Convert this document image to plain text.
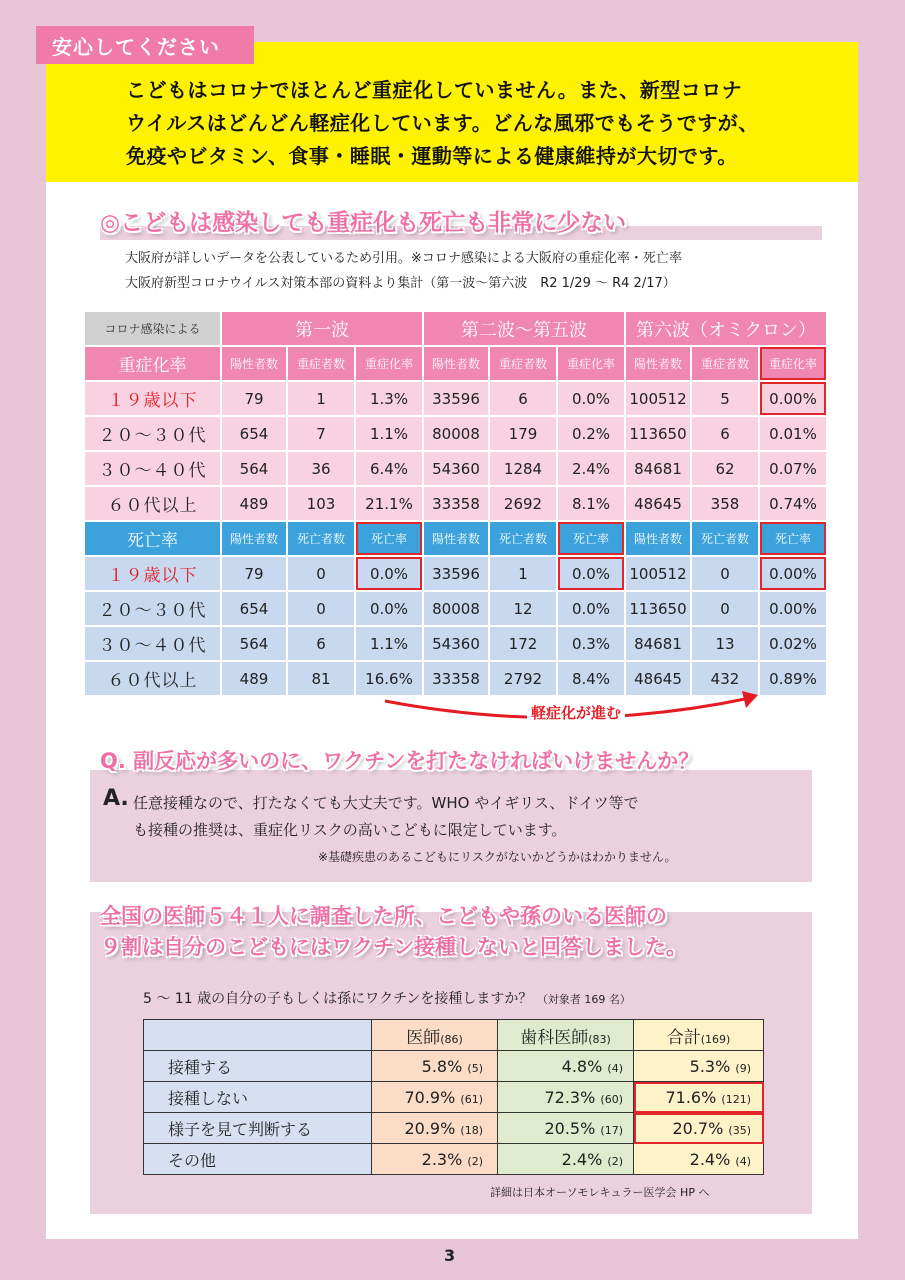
こどもはコロナでほとんど重症化していません。また、新型コロナ

ウイルスはどんどん軽症化しています。どんな風邪でもそうですが、

免疫やビタミン、食事・睡眠・運動等による健康維持が大切です。

安心してください
◎こどもは感染しても重症化も死亡も非常に少ない
大阪府が詳しいデータを公表しているため引用。※コロナ感染による大阪府の重症化率・死亡率
大阪府新型コロナウイルス対策本部の資料より集計（第一波〜第六波　R2 1/29 〜 R4 2/17）
コロナ感染による	第一波			第二波〜第五波			第六波（オミクロン）		
重症化率	陽性者数	重症者数	重症化率	陽性者数	重症者数	重症化率	陽性者数	重症者数	重症化率
１９歳以下	79	1	1.3%	33596	6	0.0%	100512	5	0.00%
２０〜３０代	654	7	1.1%	80008	179	0.2%	113650	6	0.01%
３０〜４０代	564	36	6.4%	54360	1284	2.4%	84681	62	0.07%
６０代以上	489	103	21.1%	33358	2692	8.1%	48645	358	0.74%
死亡率	陽性者数	死亡者数	死亡率	陽性者数	死亡者数	死亡率	陽性者数	死亡者数	死亡率
１９歳以下	79	0	0.0%	33596	1	0.0%	100512	0	0.00%
２０〜３０代	654	0	0.0%	80008	12	0.0%	113650	0	0.00%
３０〜４０代	564	6	1.1%	54360	172	0.3%	84681	13	0.02%
６０代以上	489	81	16.6%	33358	2792	8.4%	48645	432	0.89%
軽症化が進む
Q. 副反応が多いのに、ワクチンを打たなければいけませんか？
A. 任意接種なので、打たなくても大丈夫です。WHO やイギリス、ドイツ等で
も接種の推奨は、重症化リスクの高いこどもに限定しています。
※基礎疾患のあるこどもにリスクがないかどうかはわかりません。
全国の医師５４１人に調査した所、こどもや孫のいる医師の
９割は自分のこどもにはワクチン接種しないと回答しました。
5 〜 11 歳の自分の子もしくは孫にワクチンを接種しますか？ （対象者 169 名）
	医師(86)	歯科医師(83)	合計(169)
接種する	5.8% (5)	4.8% (4)	5.3% (9)
接種しない	70.9% (61)	72.3% (60)	71.6% (121)
様子を見て判断する	20.9% (18)	20.5% (17)	20.7% (35)
その他	2.3% (2)	2.4% (2)	2.4% (4)
詳細は日本オーソモレキュラー医学会 HP へ
3
